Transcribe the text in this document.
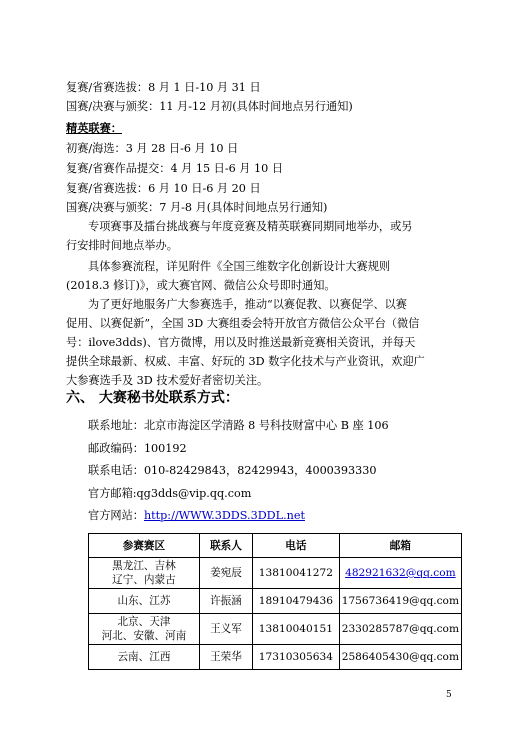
复赛/省赛选拔：8 月 1 日-10 月 31 日
国赛/决赛与颁奖：11 月-12 月初(具体时间地点另行通知)
精英联赛：
初赛/海选：3 月 28 日-6 月 10 日
复赛/省赛作品提交：4 月 15 日-6 月 10 日
复赛/省赛选拔：6 月 10 日-6 月 20 日
国赛/决赛与颁奖：7 月-8 月(具体时间地点另行通知)
专项赛事及擂台挑战赛与年度竞赛及精英联赛同期同地举办，或另
行安排时间地点举办。
具体参赛流程，详见附件《全国三维数字化创新设计大赛规则
(2018.3 修订)》，或大赛官网、微信公众号即时通知。
为了更好地服务广大参赛选手，推动“以赛促教、以赛促学、以赛
促用、以赛促新”，全国 3D 大赛组委会特开放官方微信公众平台（微信
号：ilove3dds)、官方微博，用以及时推送最新竞赛相关资讯，并每天
提供全球最新、权威、丰富、好玩的 3D 数字化技术与产业资讯，欢迎广
大参赛选手及 3D 技术爱好者密切关注。
六、 大赛秘书处联系方式：
联系地址：北京市海淀区学清路 8 号科技财富中心 B 座 106
邮政编码：100192
联系电话：010-82429843，82429943，4000393330
官方邮箱:qg3dds@vip.qq.com
官方网站：http://WWW.3DDS.3DDL.net
参赛赛区	联系人	电话	邮箱

黑龙江、吉林
辽宁、内蒙古	姜宛辰	13810041272	482921632@qq.com
山东、江苏	许振涵	18910479436	1756736419@qq.com

北京、天津
河北、安徽、河南	王义军	13810040151	2330285787@qq.com
云南、江西	王荣华	17310305634	2586405430@qq.com
5
